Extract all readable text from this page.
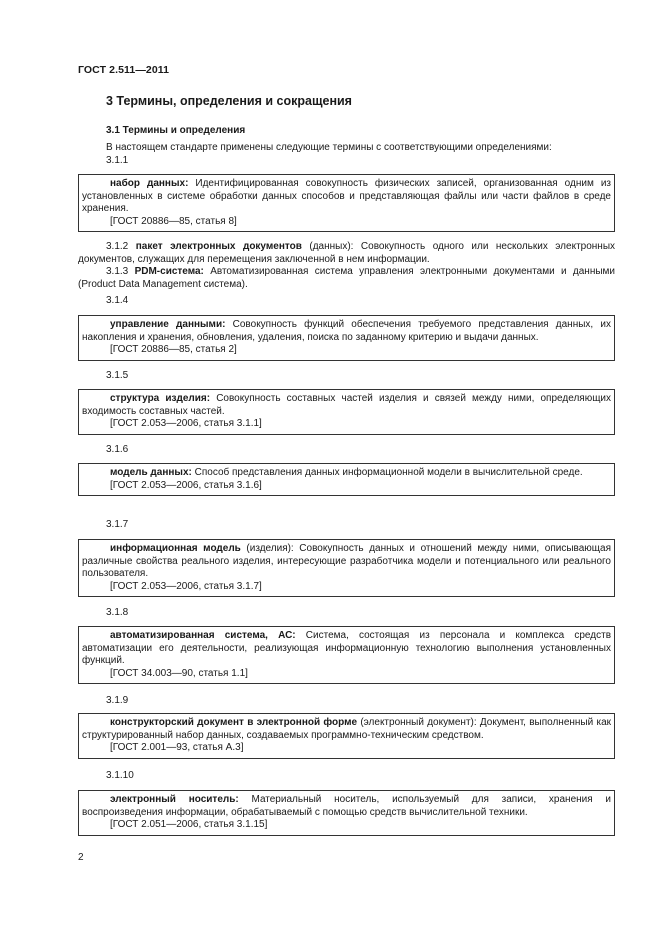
ГОСТ 2.511—2011
3 Термины, определения и сокращения
3.1 Термины и определения
В настоящем стандарте применены следующие термины с соответствующими определениями:
3.1.1

набор данных: Идентифицированная совокупность физических записей, организованная одним из установленных в системе обработки данных способов и представляющая файлы или части файлов в среде хранения.

[ГОСТ 20886—85, статья 8]

3.1.2 пакет электронных документов (данных): Совокупность одного или нескольких электронных документов, служащих для перемещения заключенной в нем информации.

3.1.3 PDM-система: Автоматизированная система управления электронными документами и данными (Product Data Management система).

3.1.4

управление данными: Совокупность функций обеспечения требуемого представления данных, их накопления и хранения, обновления, удаления, поиска по заданному критерию и выдачи данных.

[ГОСТ 20886—85, статья 2]

3.1.5

структура изделия: Совокупность составных частей изделия и связей между ними, определяющих входимость составных частей.

[ГОСТ 2.053—2006, статья 3.1.1]

3.1.6

модель данных: Способ представления данных информационной модели в вычислительной среде.

[ГОСТ 2.053—2006, статья 3.1.6]

3.1.7

информационная модель (изделия): Совокупность данных и отношений между ними, описывающая различные свойства реального изделия, интересующие разработчика модели и потенциального или реального пользователя.

[ГОСТ 2.053—2006, статья 3.1.7]

3.1.8

автоматизированная система, АС: Система, состоящая из персонала и комплекса средств автоматизации его деятельности, реализующая информационную технологию выполнения установленных функций.

[ГОСТ 34.003—90, статья 1.1]

3.1.9

конструкторский документ в электронной форме (электронный документ): Документ, выполненный как структурированный набор данных, создаваемых программно-техническим средством.

[ГОСТ 2.001—93, статья А.3]

3.1.10

электронный носитель: Материальный носитель, используемый для записи, хранения и воспроизведения информации, обрабатываемый с помощью средств вычислительной техники.

[ГОСТ 2.051—2006, статья 3.1.15]

2
